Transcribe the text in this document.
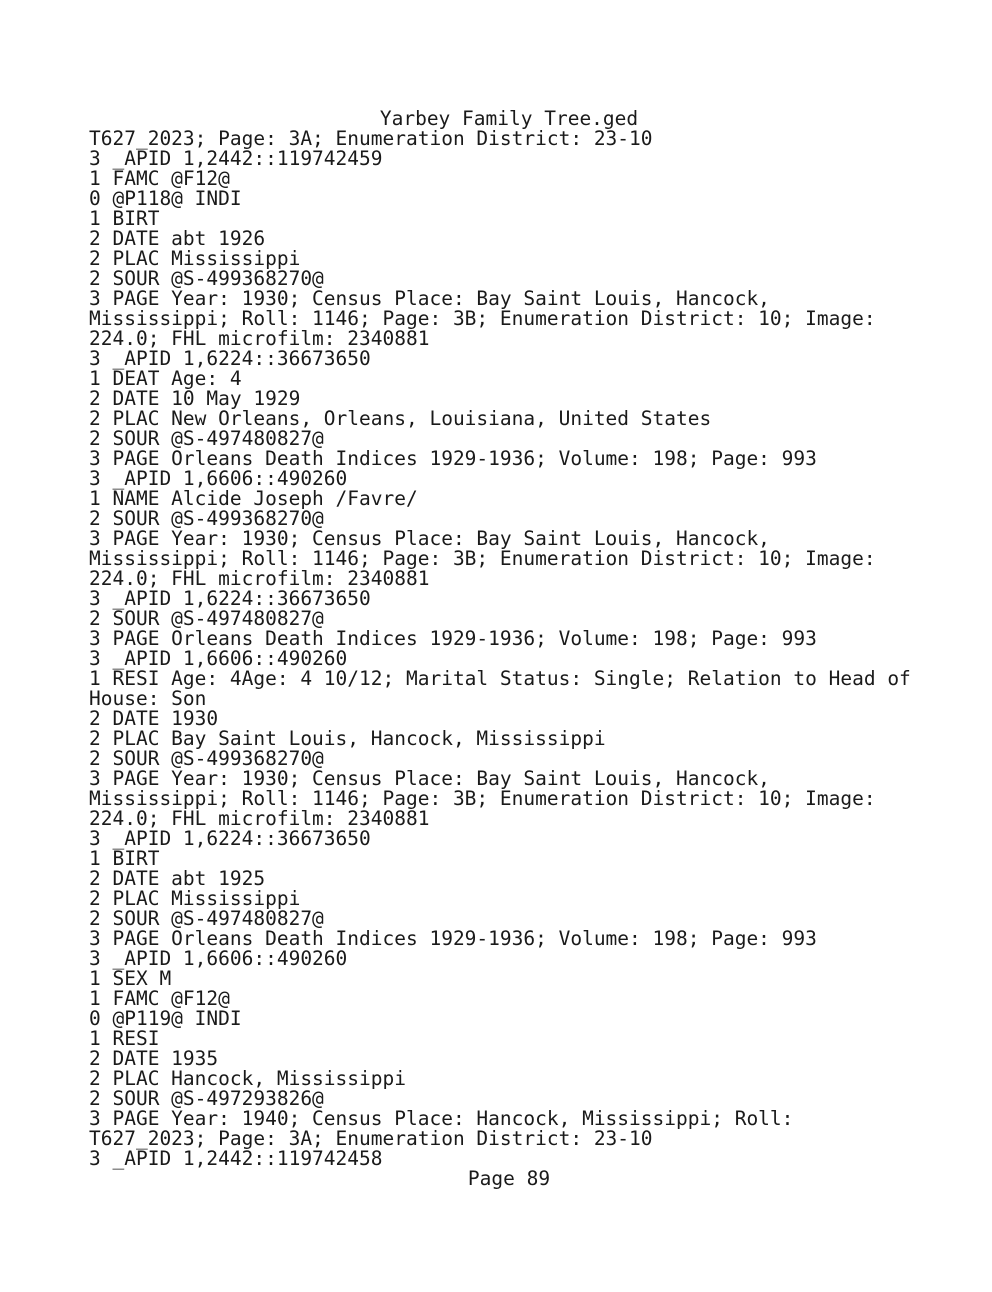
Yarbey Family Tree.ged
T627_2023; Page: 3A; Enumeration District: 23-10
3 _APID 1,2442::119742459
1 FAMC @F12@
0 @P118@ INDI
1 BIRT
2 DATE abt 1926
2 PLAC Mississippi
2 SOUR @S-499368270@
3 PAGE Year: 1930; Census Place: Bay Saint Louis, Hancock,
Mississippi; Roll: 1146; Page: 3B; Enumeration District: 10; Image:
224.0; FHL microfilm: 2340881
3 _APID 1,6224::36673650
1 DEAT Age: 4
2 DATE 10 May 1929
2 PLAC New Orleans, Orleans, Louisiana, United States
2 SOUR @S-497480827@
3 PAGE Orleans Death Indices 1929-1936; Volume: 198; Page: 993
3 _APID 1,6606::490260
1 NAME Alcide Joseph /Favre/
2 SOUR @S-499368270@
3 PAGE Year: 1930; Census Place: Bay Saint Louis, Hancock,
Mississippi; Roll: 1146; Page: 3B; Enumeration District: 10; Image:
224.0; FHL microfilm: 2340881
3 _APID 1,6224::36673650
2 SOUR @S-497480827@
3 PAGE Orleans Death Indices 1929-1936; Volume: 198; Page: 993
3 _APID 1,6606::490260
1 RESI Age: 4Age: 4 10/12; Marital Status: Single; Relation to Head of
House: Son
2 DATE 1930
2 PLAC Bay Saint Louis, Hancock, Mississippi
2 SOUR @S-499368270@
3 PAGE Year: 1930; Census Place: Bay Saint Louis, Hancock,
Mississippi; Roll: 1146; Page: 3B; Enumeration District: 10; Image:
224.0; FHL microfilm: 2340881
3 _APID 1,6224::36673650
1 BIRT
2 DATE abt 1925
2 PLAC Mississippi
2 SOUR @S-497480827@
3 PAGE Orleans Death Indices 1929-1936; Volume: 198; Page: 993
3 _APID 1,6606::490260
1 SEX M
1 FAMC @F12@
0 @P119@ INDI
1 RESI
2 DATE 1935
2 PLAC Hancock, Mississippi
2 SOUR @S-497293826@
3 PAGE Year: 1940; Census Place: Hancock, Mississippi; Roll:
T627_2023; Page: 3A; Enumeration District: 23-10
3 _APID 1,2442::119742458
Page 89
